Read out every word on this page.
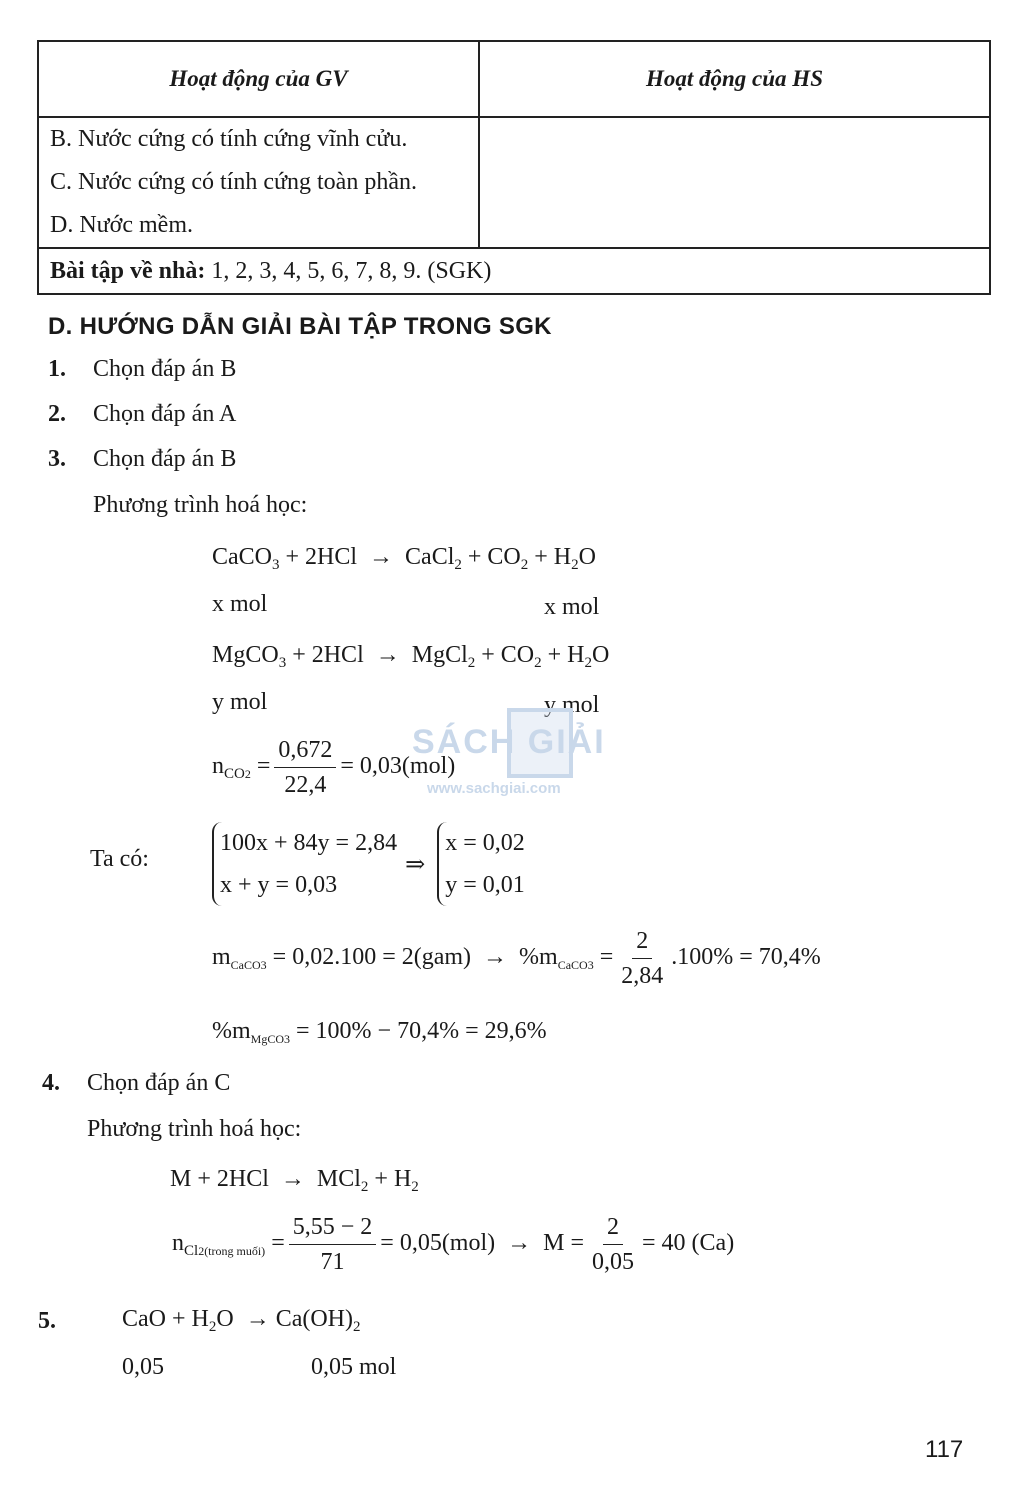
Hoạt động của GV	Hoạt động của HS

B. Nước cứng có tính cứng vĩnh cửu.
C. Nước cứng có tính cứng toàn phần.
D. Nước mềm.	

Bài tập về nhà: 1, 2, 3, 4, 5, 6, 7, 8, 9. (SGK)	
D. HƯỚNG DẪN GIẢI BÀI TẬP TRONG SGK
1. Chọn đáp án B
2. Chọn đáp án A
3. Chọn đáp án B
Phương trình hoá học:
CaCO$_3$ + 2HCl  →  CaCl$_2$ + $CO_2 + H_2O$
x mol	x mol
MgCO$_3$ + 2HCl  →  MgCl$_2$ + $CO_2 + H_2O$
y mol	y mol
$n_{CO2} = \frac{0,672}{22,4} = 0,03(mol)$
Ta có:
100x + 84y = 2,84
x + y = 0,03 ⇒ x = 0,02
y = 0,01
$m_{CaCO3} = 0,02.100 = 2(gam) \to \%m_{CaCO3} = \frac{2}{2,84} .100\% = 70,4\%$
$\%m_{MgCO3} = 100\% - 70,4\% = 29,6\%$
4. Chọn đáp án C
Phương trình hoá học:
$M + 2HCl \to MCl_2 + H_2$
$n_{Cl2(trong muối)} = \frac{5,55 - 2}{71} = 0,05(mol) \to M = \frac{2}{0,05} = 40$ (Ca)
5.	CaO + $H_2O \to Ca(OH)_2$
0,05	0,05 mol
SÁCH GIẢI
www.sachgiai.com
117
